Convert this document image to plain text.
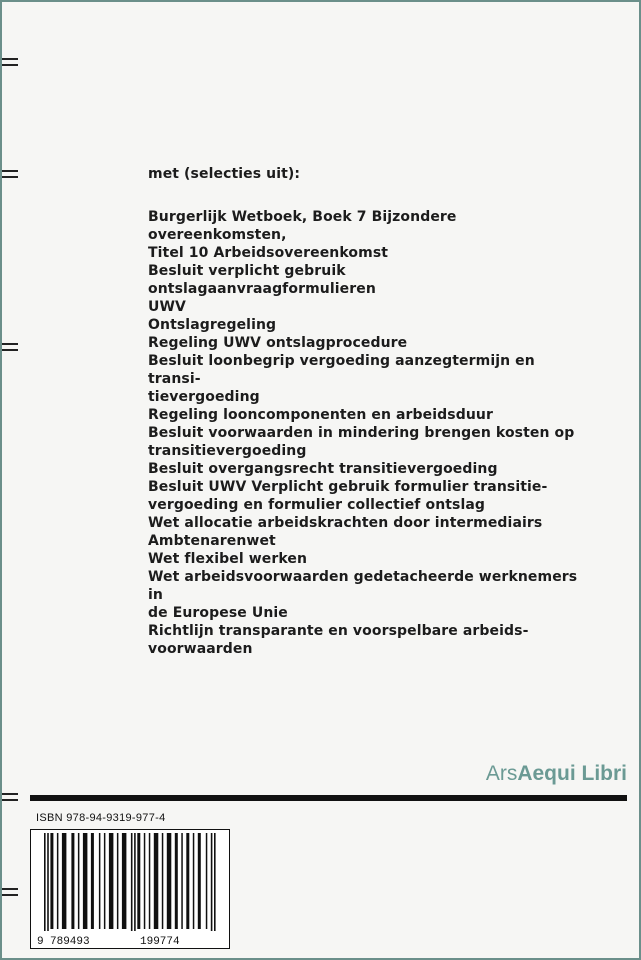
met (selecties uit):
Burgerlijk Wetboek, Boek 7 Bijzondere overeenkomsten,
Titel 10 Arbeidsovereenkomst
Besluit verplicht gebruik ontslagaanvraagformulieren
UWV
Ontslagregeling
Regeling UWV ontslagprocedure
Besluit loonbegrip vergoeding aanzegtermijn en transi-
tievergoeding
Regeling looncomponenten en arbeidsduur
Besluit voorwaarden in mindering brengen kosten op
transitievergoeding
Besluit overgangsrecht transitievergoeding
Besluit UWV Verplicht gebruik formulier transitie-
vergoeding en formulier collectief ontslag
Wet allocatie arbeidskrachten door intermediairs
Ambtenarenwet
Wet flexibel werken
Wet arbeidsvoorwaarden gedetacheerde werknemers in
de Europese Unie
Richtlijn transparante en voorspelbare arbeids-
voorwaarden
ArsAequi Libri
ISBN 978-94-9319-977-4
9 789493	199774
